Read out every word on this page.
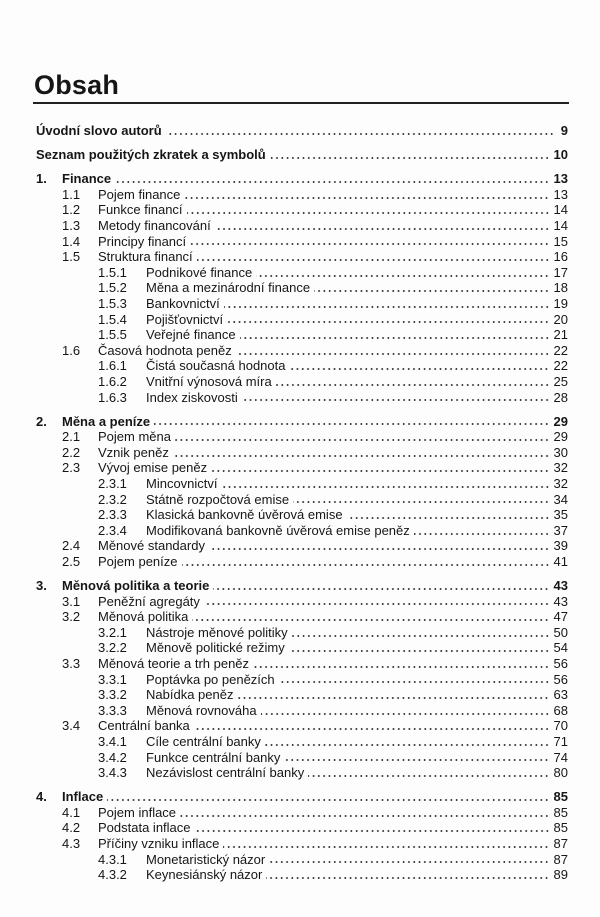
Obsah
Úvodní slovo autorů	9
Seznam použitých zkratek a symbolů	10
1.	Finance	13
1.1	Pojem finance	13
1.2	Funkce financí	14
1.3	Metody financování	14
1.4	Principy financí	15
1.5	Struktura financí	16
1.5.1	Podnikové finance	17
1.5.2	Měna a mezinárodní finance	18
1.5.3	Bankovnictví	19
1.5.4	Pojišťovnictví	20
1.5.5	Veřejné finance	21
1.6	Časová hodnota peněz	22
1.6.1	Čistá současná hodnota	22
1.6.2	Vnitřní výnosová míra	25
1.6.3	Index ziskovosti	28
2.	Měna a peníze	29
2.1	Pojem měna	29
2.2	Vznik peněz	30
2.3	Vývoj emise peněz	32
2.3.1	Mincovnictví	32
2.3.2	Státně rozpočtová emise	34
2.3.3	Klasická bankovně úvěrová emise	35
2.3.4	Modifikovaná bankovně úvěrová emise peněz	37
2.4	Měnové standardy	39
2.5	Pojem peníze	41
3.	Měnová politika a teorie	43
3.1	Peněžní agregáty	43
3.2	Měnová politika	47
3.2.1	Nástroje měnové politiky	50
3.2.2	Měnově politické režimy	54
3.3	Měnová teorie a trh peněz	56
3.3.1	Poptávka po penězích	56
3.3.2	Nabídka peněz	63
3.3.3	Měnová rovnováha	68
3.4	Centrální banka	70
3.4.1	Cíle centrální banky	71
3.4.2	Funkce centrální banky	74
3.4.3	Nezávislost centrální banky	80
4.	Inflace	85
4.1	Pojem inflace	85
4.2	Podstata inflace	85
4.3	Příčiny vzniku inflace	87
4.3.1	Monetaristický názor	87
4.3.2	Keynesiánský názor	89
